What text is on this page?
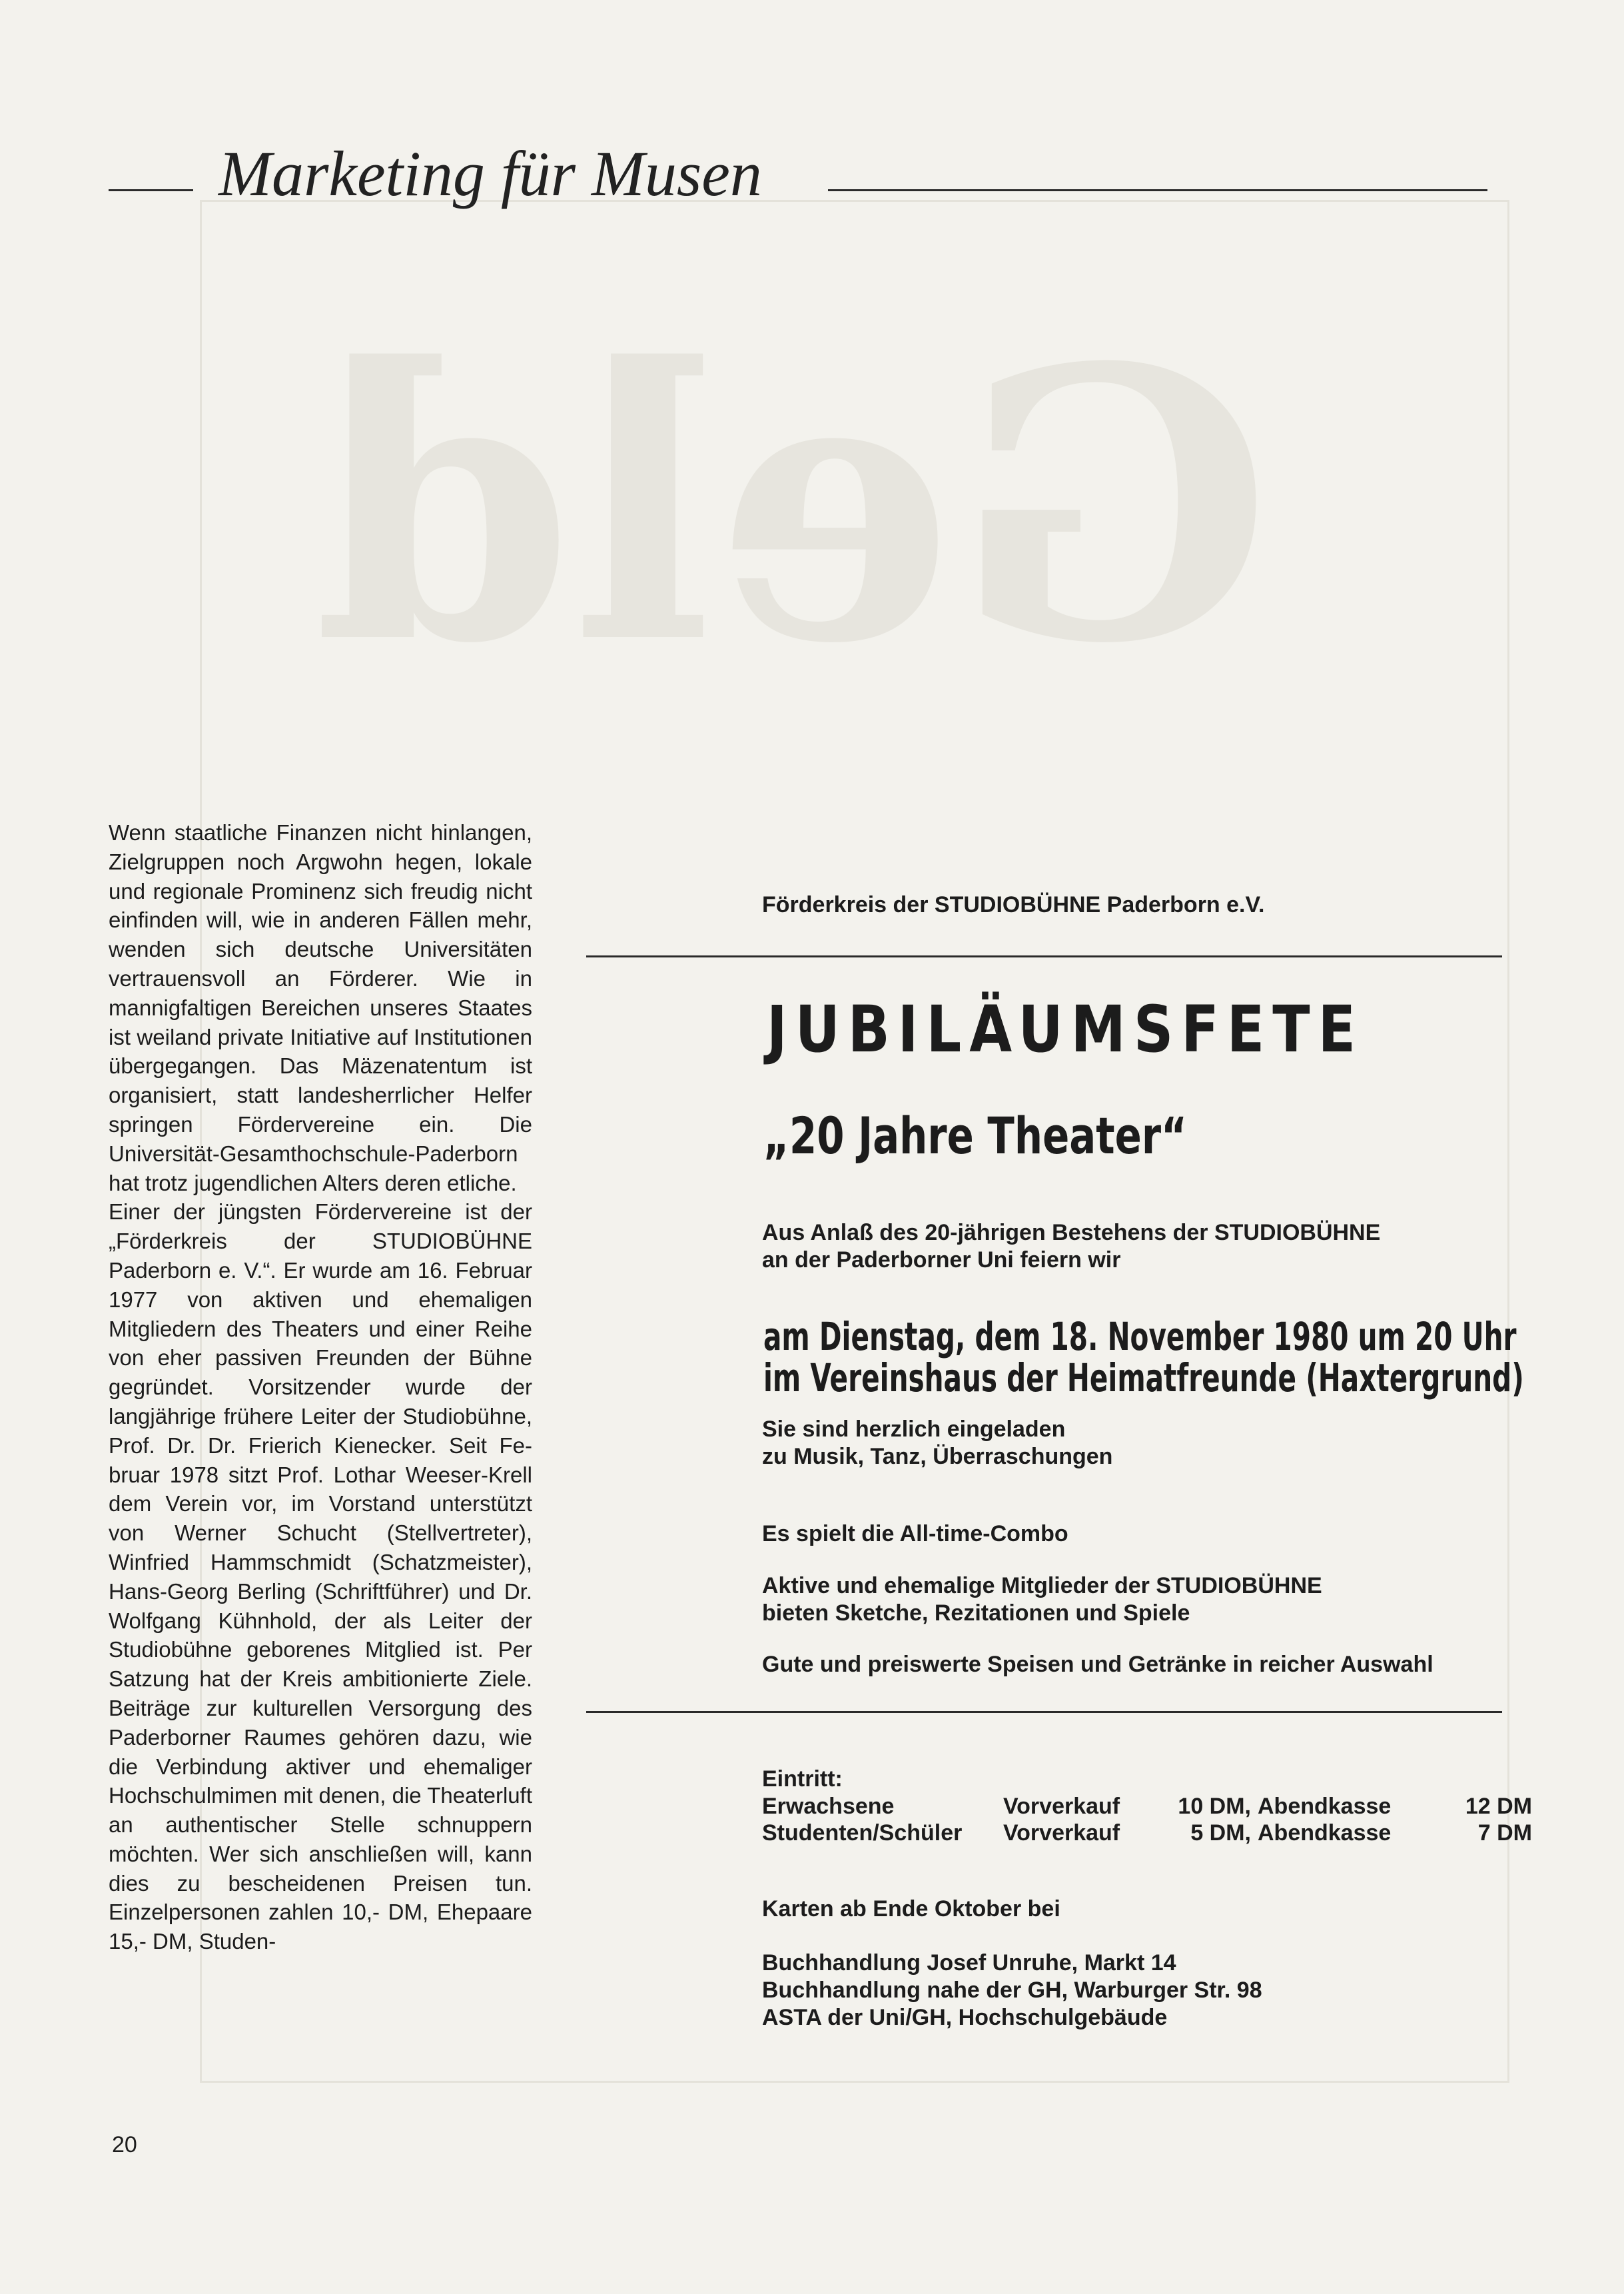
Geld
Marketing für Musen

Wenn staatliche Finanzen nicht hinlangen, Zielgruppen noch Argwohn hegen, lokale und regionale Prominenz sich freudig nicht einfinden will, wie in anderen Fällen mehr, wenden sich deutsche Universitäten vertrauensvoll an Förderer. Wie in mannigfaltigen Bereichen unseres Staates ist weiland private Initiative auf Institutionen übergegangen. Das Mäzenatentum ist organisiert, statt landesherrlicher Helfer springen Fördervereine ein. Die Universität-Gesamthochschule-Paderborn hat trotz jugendlichen Alters deren etliche.

Einer der jüngsten Fördervereine ist der „Förderkreis der STUDIOBÜHNE Paderborn e. V.“. Er wurde am 16. Februar 1977 von aktiven und ehemaligen Mitgliedern des Theaters und einer Reihe von eher passiven Freunden der Bühne gegründet. Vorsitzender wurde der langjährige frühere Leiter der Studiobühne, Prof. Dr. Dr. Frierich Kienecker. Seit Februar 1978 sitzt Prof. Lothar Weeser-Krell dem Verein vor, im Vorstand unterstützt von Werner Schucht (Stellvertreter), Winfried Hammschmidt (Schatzmeister), Hans-Georg Berling (Schriftführer) und Dr. Wolfgang Kühnhold, der als Leiter der Studiobühne geborenes Mitglied ist. Per Satzung hat der Kreis ambitionierte Ziele. Beiträge zur kulturellen Versorgung des Paderborner Raumes gehören dazu, wie die Verbindung aktiver und ehemaliger Hochschulmimen mit denen, die Theaterluft an authentischer Stelle schnuppern möchten. Wer sich anschließen will, kann dies zu bescheidenen Preisen tun. Einzelpersonen zahlen 10,- DM, Ehepaare 15,- DM, Studen-

Förderkreis der STUDIOBÜHNE Paderborn e.V.
JUBILÄUMSFETE
„20 Jahre Theater“
Aus Anlaß des 20-jährigen Bestehens der STUDIOBÜHNE
an der Paderborner Uni feiern wir
am Dienstag, dem 18. November 1980 um 20 Uhr
im Vereinshaus der Heimatfreunde (Haxtergrund)
Sie sind herzlich eingeladen
zu Musik, Tanz, Überraschungen
Es spielt die All-time-Combo
Aktive und ehemalige Mitglieder der STUDIOBÜHNE
bieten Sketche, Rezitationen und Spiele
Gute und preiswerte Speisen und Getränke in reicher Auswahl
Eintritt:
Erwachsene	Vorverkauf	10 DM,	Abendkasse	12 DM
Studenten/Schüler	Vorverkauf	5 DM,	Abendkasse	7 DM
Karten ab Ende Oktober bei
Buchhandlung Josef Unruhe, Markt 14
Buchhandlung nahe der GH, Warburger Str. 98
ASTA der Uni/GH, Hochschulgebäude
20
